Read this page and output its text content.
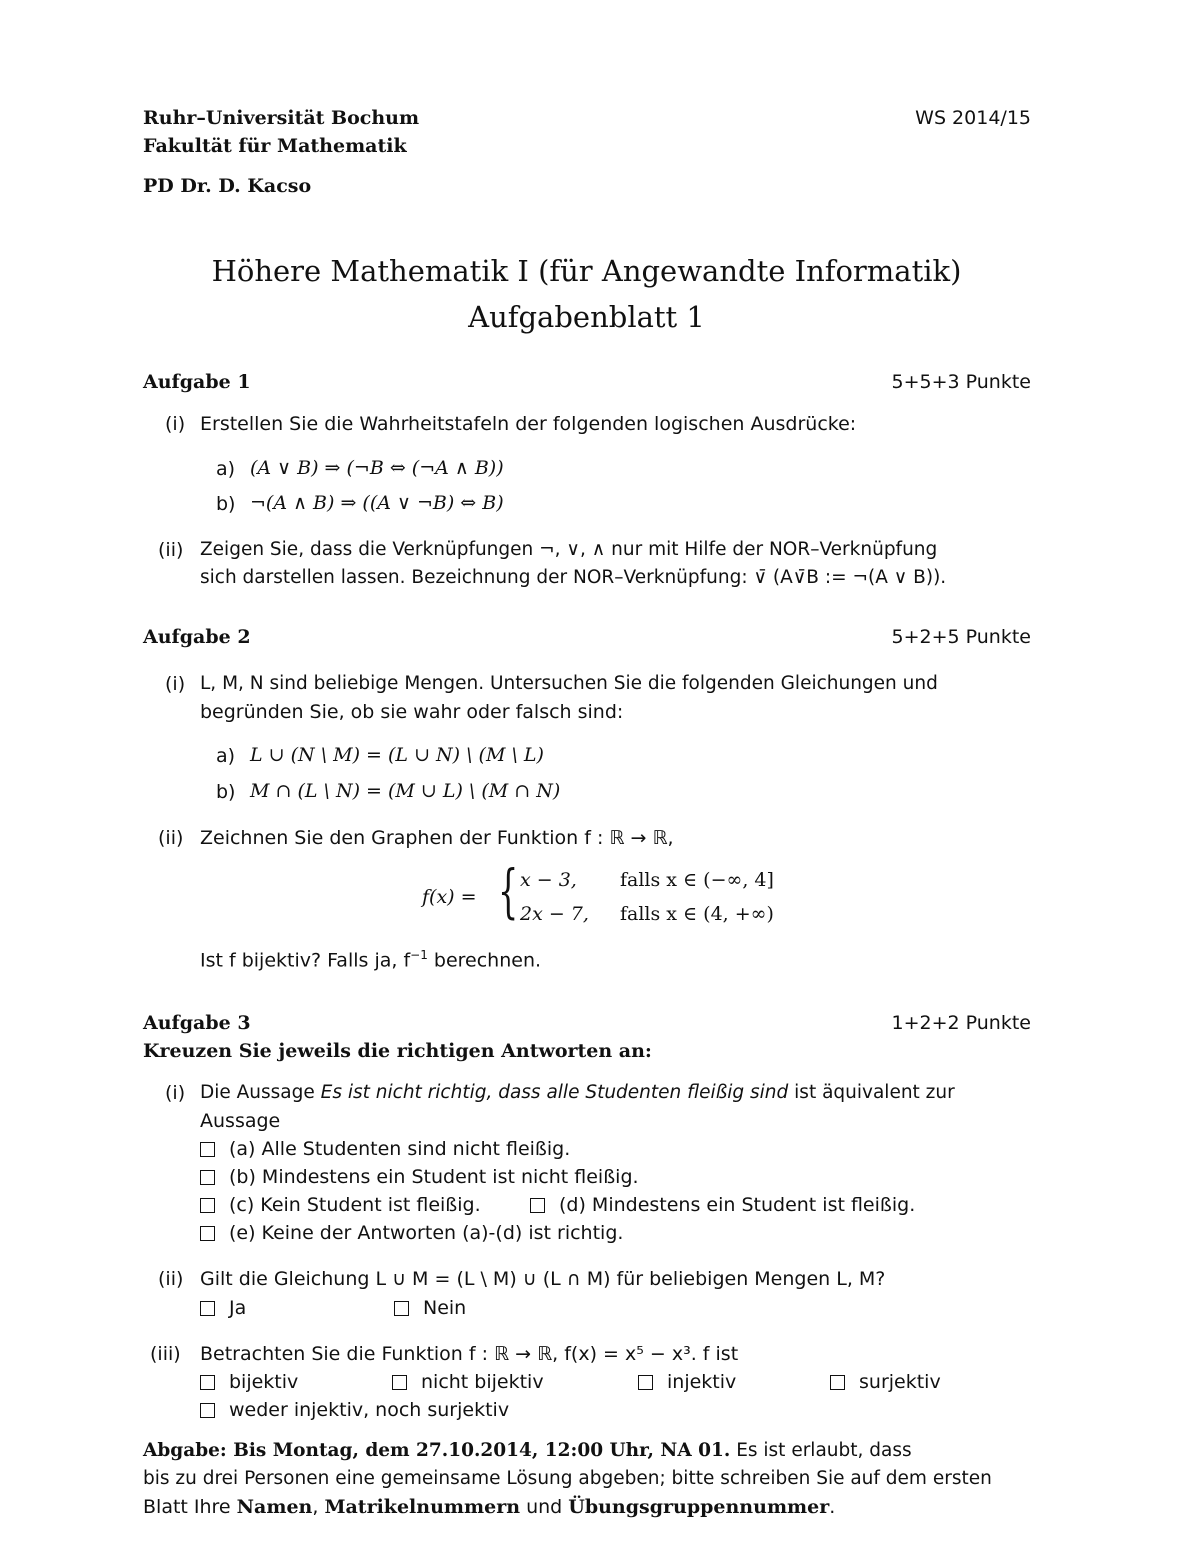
Ruhr–Universität Bochum
Fakultät für Mathematik
PD Dr. D. Kacso
WS 2014/15
Höhere Mathematik I (für Angewandte Informatik)
Aufgabenblatt 1
Aufgabe 1	5+5+3 Punkte
(i) Erstellen Sie die Wahrheitstafeln der folgenden logischen Ausdrücke:
a) (A ∨ B) ⇒ (¬B ⇔ (¬A ∧ B))
b) ¬(A ∧ B) ⇒ ((A ∨ ¬B) ⇔ B)
(ii) Zeigen Sie, dass die Verknüpfungen ¬, ∨, ∧ nur mit Hilfe der NOR–Verknüpfung
sich darstellen lassen. Bezeichnung der NOR–Verknüpfung: ∨̄ (A∨̄B := ¬(A ∨ B)).
Aufgabe 2	5+2+5 Punkte
(i) L, M, N sind beliebige Mengen. Untersuchen Sie die folgenden Gleichungen und
begründen Sie, ob sie wahr oder falsch sind:
a) L ∪ (N \ M) = (L ∪ N) \ (M \ L)
b) M ∩ (L \ N) = (M ∪ L) \ (M ∩ N)
(ii) Zeichnen Sie den Graphen der Funktion f : ℝ → ℝ,
f(x) = { x − 3, falls x ∈ (−∞, 4]
2x − 7, falls x ∈ (4, +∞)
Ist f bijektiv? Falls ja, $f^{-1}$ berechnen.
Aufgabe 3	1+2+2 Punkte
Kreuzen Sie jeweils die richtigen Antworten an:
(i) Die Aussage Es ist nicht richtig, dass alle Studenten fleißig sind ist äquivalent zur
Aussage
(a) Alle Studenten sind nicht fleißig.
(b) Mindestens ein Student ist nicht fleißig.
(c) Kein Student ist fleißig.	(d) Mindestens ein Student ist fleißig.
(e) Keine der Antworten (a)-(d) ist richtig.
(ii) Gilt die Gleichung L ∪ M = (L \ M) ∪ (L ∩ M) für beliebigen Mengen L, M?
Ja	Nein
(iii) Betrachten Sie die Funktion f : ℝ → ℝ, f(x) = x⁵ − x³. f ist
bijektiv	nicht bijektiv	injektiv	surjektiv
weder injektiv, noch surjektiv
Abgabe: Bis Montag, dem 27.10.2014, 12:00 Uhr, NA 01. Es ist erlaubt, dass
bis zu drei Personen eine gemeinsame Lösung abgeben; bitte schreiben Sie auf dem ersten
Blatt Ihre Namen, Matrikelnummern und Übungsgruppennummer.
